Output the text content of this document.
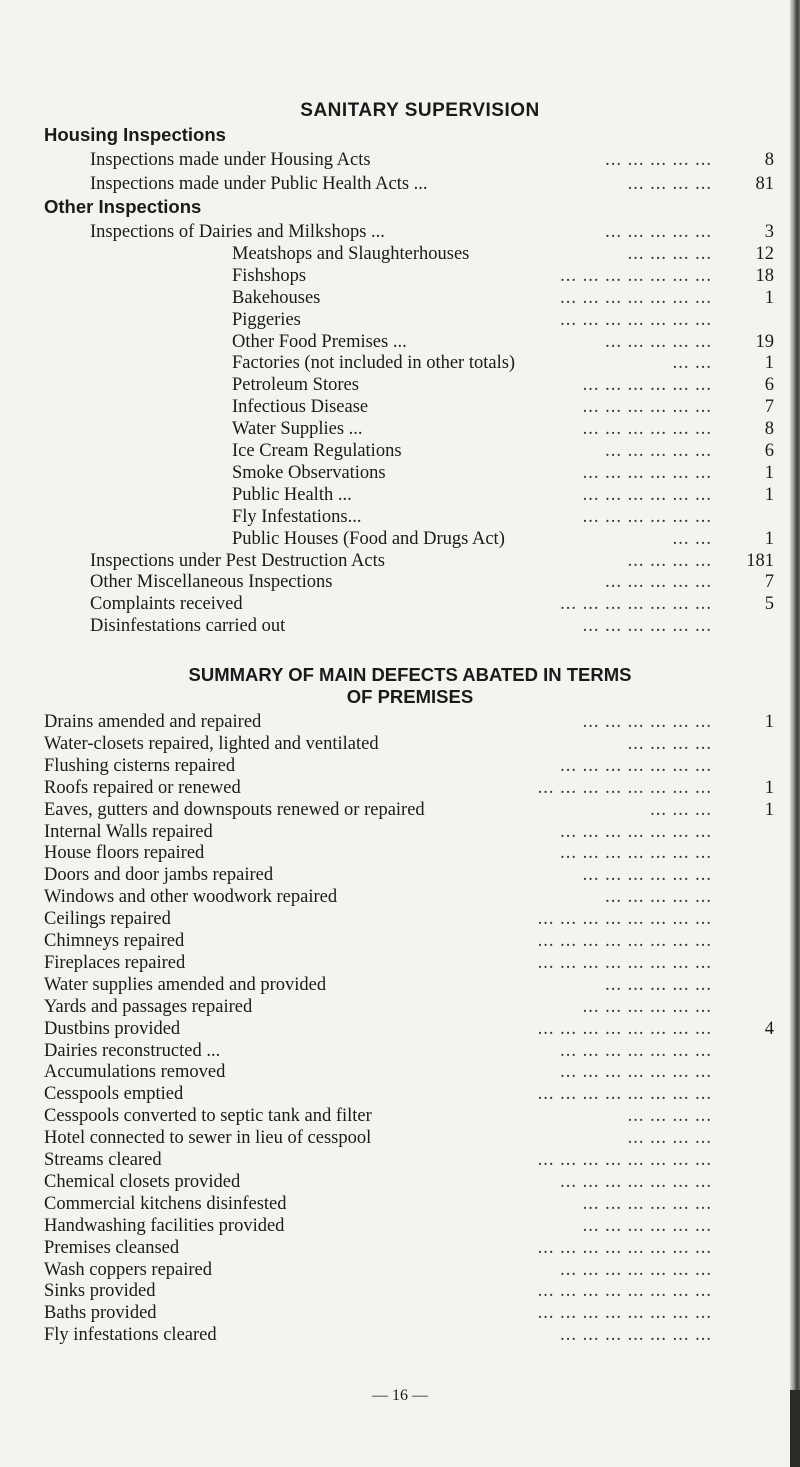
SANITARY SUPERVISION
Housing Inspections
Inspections made under Housing Acts	... ... ... ... ...	8
Inspections made under Public Health Acts ...	... ... ... ...	81
Other Inspections
Inspections of Dairies and Milkshops ...	... ... ... ... ...	3
Meatshops and Slaughterhouses	... ... ... ...	12
Fishshops	... ... ... ... ... ... ...	18
Bakehouses	... ... ... ... ... ... ...	1
Piggeries	... ... ... ... ... ... ...
Other Food Premises ...	... ... ... ... ...	19
Factories (not included in other totals)	... ...	1
Petroleum Stores	... ... ... ... ... ...	6
Infectious Disease	... ... ... ... ... ...	7
Water Supplies ...	... ... ... ... ... ...	8
Ice Cream Regulations	... ... ... ... ...	6
Smoke Observations	... ... ... ... ... ...	1
Public Health ...	... ... ... ... ... ...	1
Fly Infestations...	... ... ... ... ... ...
Public Houses (Food and Drugs Act)	... ...	1
Inspections under Pest Destruction Acts	... ... ... ...	181
Other Miscellaneous Inspections	... ... ... ... ...	7
Complaints received	... ... ... ... ... ... ...	5
Disinfestations carried out	... ... ... ... ... ...
SUMMARY OF MAIN DEFECTS ABATED IN TERMS
OF PREMISES
Drains amended and repaired	... ... ... ... ... ...	1
Water-closets repaired, lighted and ventilated	... ... ... ...
Flushing cisterns repaired	... ... ... ... ... ... ...
Roofs repaired or renewed	... ... ... ... ... ... ... ...	1
Eaves, gutters and downspouts renewed or repaired	... ... ...	1
Internal Walls repaired	... ... ... ... ... ... ...
House floors repaired	... ... ... ... ... ... ...
Doors and door jambs repaired	... ... ... ... ... ...
Windows and other woodwork repaired	... ... ... ... ...
Ceilings repaired	... ... ... ... ... ... ... ...
Chimneys repaired	... ... ... ... ... ... ... ...
Fireplaces repaired	... ... ... ... ... ... ... ...
Water supplies amended and provided	... ... ... ... ...
Yards and passages repaired	... ... ... ... ... ...
Dustbins provided	... ... ... ... ... ... ... ...	4
Dairies reconstructed ...	... ... ... ... ... ... ...
Accumulations removed	... ... ... ... ... ... ...
Cesspools emptied	... ... ... ... ... ... ... ...
Cesspools converted to septic tank and filter	... ... ... ...
Hotel connected to sewer in lieu of cesspool	... ... ... ...
Streams cleared	... ... ... ... ... ... ... ...
Chemical closets provided	... ... ... ... ... ... ...
Commercial kitchens disinfested	... ... ... ... ... ...
Handwashing facilities provided	... ... ... ... ... ...
Premises cleansed	... ... ... ... ... ... ... ...
Wash coppers repaired	... ... ... ... ... ... ...
Sinks provided	... ... ... ... ... ... ... ...
Baths provided	... ... ... ... ... ... ... ...
Fly infestations cleared	... ... ... ... ... ... ...
— 16 —
